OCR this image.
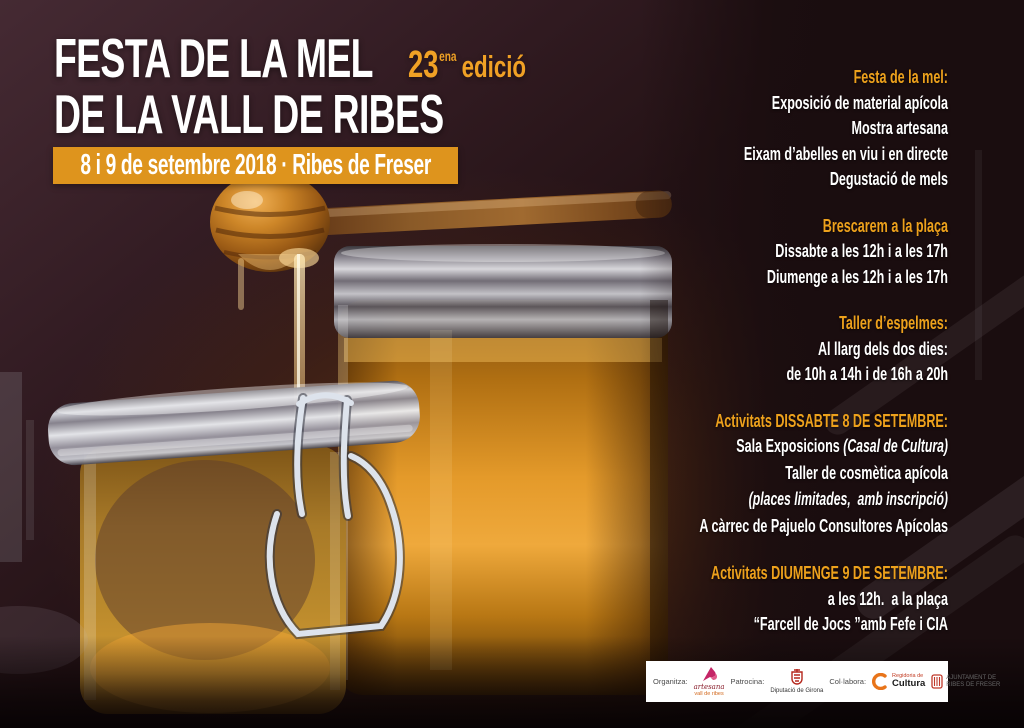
FESTA DE LA MEL 23ena edició
DE LA VALL DE RIBES
8 i 9 de setembre 2018 · Ribes de Freser
Festa de la mel:
Exposició de material apícola
Mostra artesana
Eixam d’abelles en viu i en directe
Degustació de mels
Brescarem a la plaça
Dissabte a les 12h i a les 17h
Diumenge a les 12h i a les 17h
Taller d’espelmes:
Al llarg dels dos dies:
de 10h a 14h i de 16h a 20h
Activitats DISSABTE 8 DE SETEMBRE:
Sala Exposicions (Casal de Cultura)
Taller de cosmètica apícola
(places limitades,  amb inscripció)
A càrrec de Pajuelo Consultores Apícolas
Activitats DIUMENGE 9 DE SETEMBRE:
a les 12h.  a la plaça
“Farcell de Jocs ”amb Fefe i CIA
Organitza:
artesana
vall de ribes
Patrocina:
Diputació de Girona
Col·labora:
Regidoria de
Cultura
AJUNTAMENT DE
RIBES DE FRESER
